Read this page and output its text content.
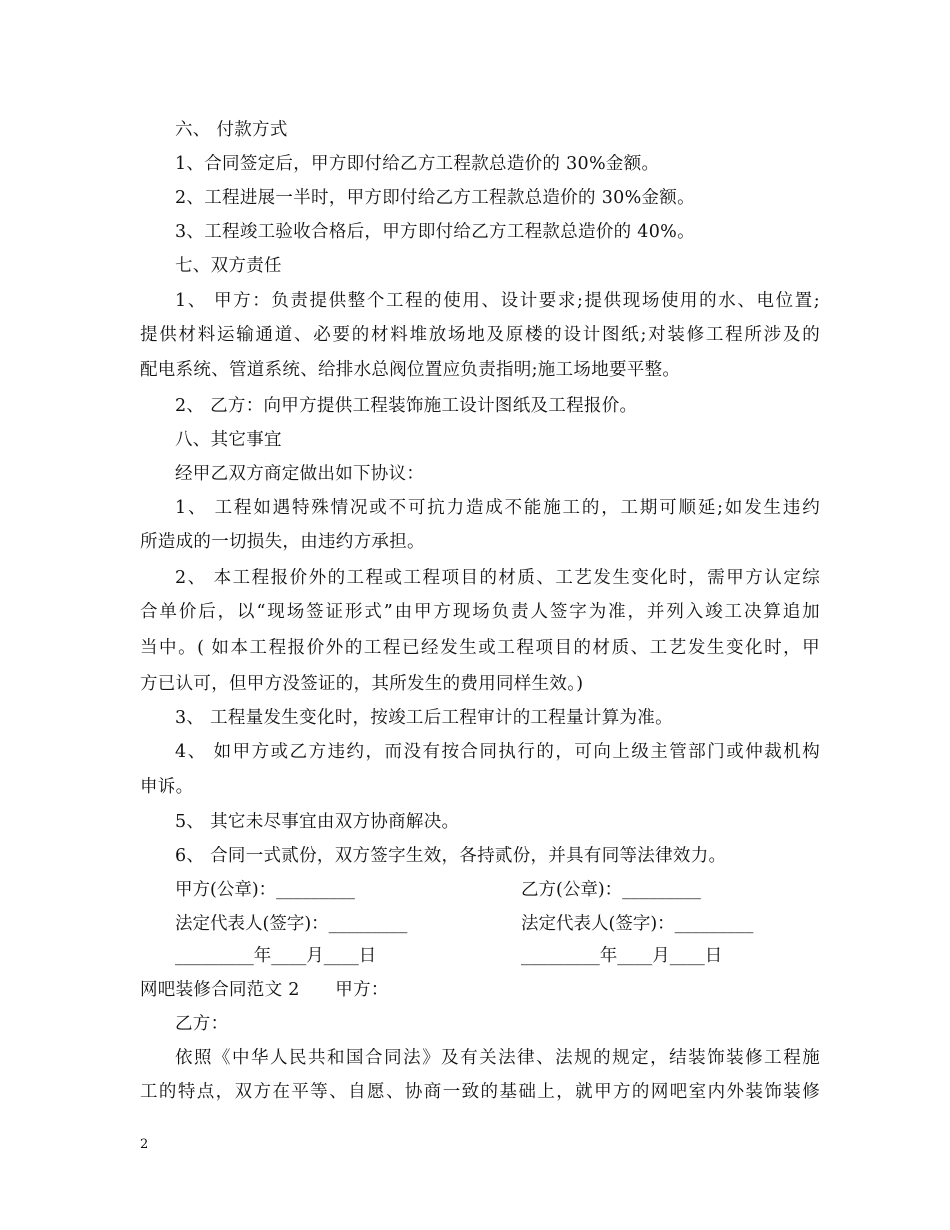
六、 付款方式
1、合同签定后，甲方即付给乙方工程款总造价的 30%金额。
2、工程进展一半时，甲方即付给乙方工程款总造价的 30%金额。
3、工程竣工验收合格后，甲方即付给乙方工程款总造价的 40%。
七、双方责任
1、 甲方：负责提供整个工程的使用、设计要求;提供现场使用的水、电位置;
提供材料运输通道、必要的材料堆放场地及原楼的设计图纸;对装修工程所涉及的
配电系统、管道系统、给排水总阀位置应负责指明;施工场地要平整。
2、 乙方：向甲方提供工程装饰施工设计图纸及工程报价。
八、其它事宜
经甲乙双方商定做出如下协议：
1、 工程如遇特殊情况或不可抗力造成不能施工的，工期可顺延;如发生违约
所造成的一切损失，由违约方承担。
2、 本工程报价外的工程或工程项目的材质、工艺发生变化时，需甲方认定综
合单价后，以“现场签证形式”由甲方现场负责人签字为准，并列入竣工决算追加
当中。( 如本工程报价外的工程已经发生或工程项目的材质、工艺发生变化时，甲
方已认可，但甲方没签证的，其所发生的费用同样生效。)
3、 工程量发生变化时，按竣工后工程审计的工程量计算为准。
4、 如甲方或乙方违约，而没有按合同执行的，可向上级主管部门或仲裁机构
申诉。
5、 其它未尽事宜由双方协商解决。
6、 合同一式贰份，双方签字生效，各持贰份，并具有同等法律效力。
甲方(公章)：_________	乙方(公章)：_________
法定代表人(签字)：_________	法定代表人(签字)：_________
_________年____月____日	_________年____月____日
网吧装修合同范文 2　　甲方：
乙方：
依照《中华人民共和国合同法》及有关法律、法规的规定，结装饰装修工程施
工的特点，双方在平等、自愿、协商一致的基础上，就甲方的网吧室内外装饰装修
2
